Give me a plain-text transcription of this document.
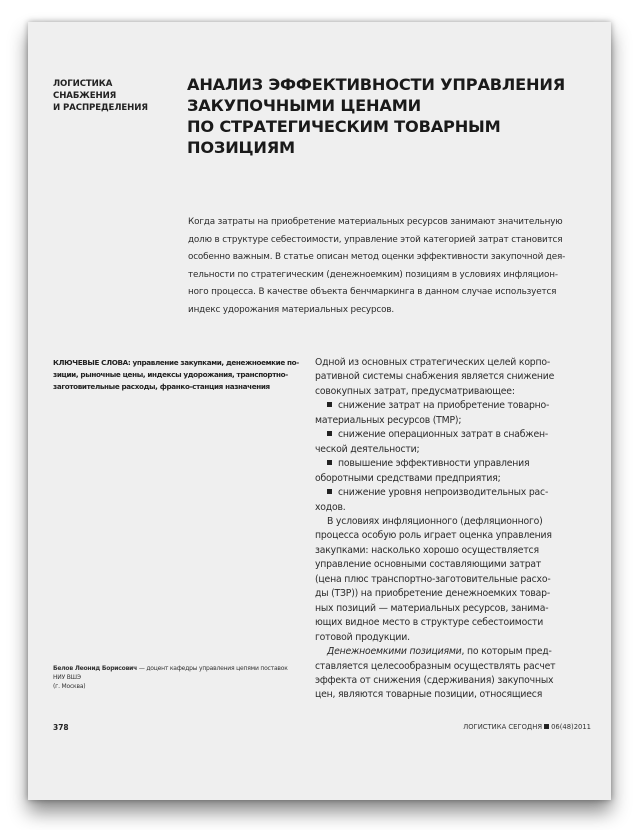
ЛОГИСТИКА СНАБЖЕНИЯ
И РАСПРЕДЕЛЕНИЯ
АНАЛИЗ ЭФФЕКТИВНОСТИ УПРАВЛЕНИЯ
ЗАКУПОЧНЫМИ ЦЕНАМИ
ПО СТРАТЕГИЧЕСКИМ ТОВАРНЫМ
ПОЗИЦИЯМ
Когда затраты на приобретение материальных ресурсов занимают значительную
долю в структуре себестоимости, управление этой категорией затрат становится
особенно важным. В статье описан метод оценки эффективности закупочной дея-
тельности по стратегическим (денежноемким) позициям в условиях инфляцион-
ного процесса. В качестве объекта бенчмаркинга в данном случае используется
индекс удорожания материальных ресурсов.
КЛЮЧЕВЫЕ СЛОВА: управление закупками, денежноемкие по-
зиции, рыночные цены, индексы удорожания, транспортно-
заготовительные расходы, франко-станция назначения
Одной из основных стратегических целей корпо-
ративной системы снабжения является снижение
совокупных затрат, предусматривающее:
снижение затрат на приобретение товарно-
материальных ресурсов (ТМР);
снижение операционных затрат в снабжен-
ческой деятельности;
повышение эффективности управления
оборотными средствами предприятия;
снижение уровня непроизводительных рас-
ходов.
В условиях инфляционного (дефляционного)
процесса особую роль играет оценка управления
закупками: насколько хорошо осуществляется
управление основными составляющими затрат
(цена плюс транспортно-заготовительные расхо-
ды (ТЗР)) на приобретение денежноемких товар-
ных позиций — материальных ресурсов, занима-
ющих видное место в структуре себестоимости
готовой продукции.
Денежноемкими позициями, по которым пред-
ставляется целесообразным осуществлять расчет
эффекта от снижения (сдерживания) закупочных
цен, являются товарные позиции, относящиеся
Белов Леонид Борисович — доцент кафедры управления цепями поставок НИУ ВШЭ
(г. Москва)
378	ЛОГИСТИКА СЕГОДНЯ 06(48)2011
